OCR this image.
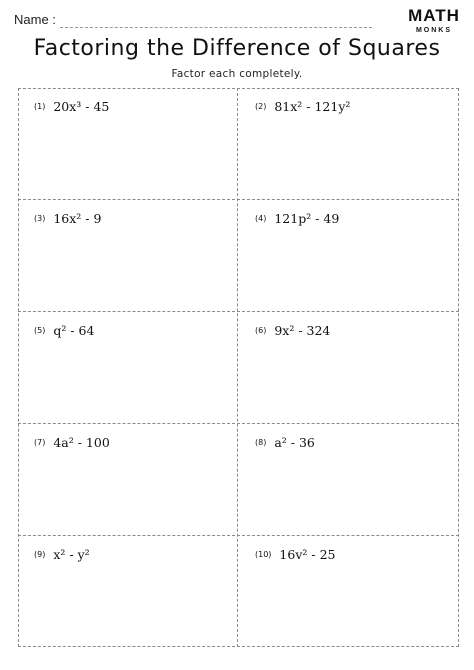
Name :	MATH
MONKS
Factoring the Difference of Squares
Factor each completely.
(1) 20x³ - 45	(2) 81x² - 121y²
(3) 16x² - 9	(4) 121p² - 49
(5) q² - 64	(6) 9x² - 324
(7) 4a² - 100	(8) a² - 36
(9) x² - y²	(10) 16v² - 25
